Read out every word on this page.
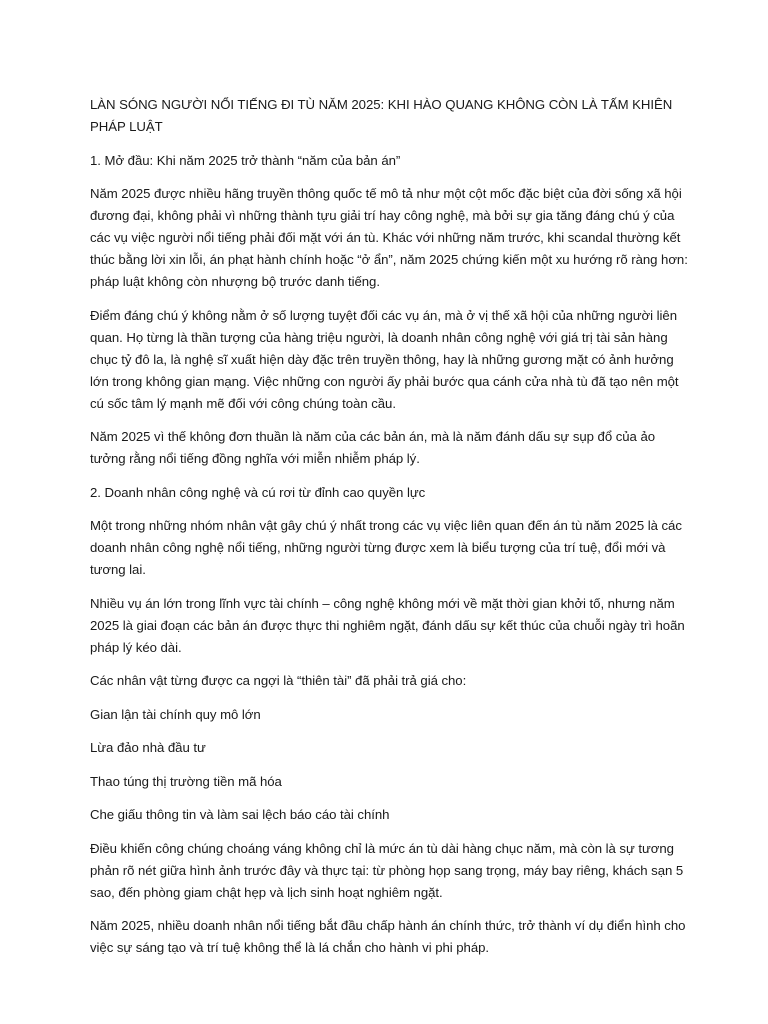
LÀN SÓNG NGƯỜI NỔI TIẾNG ĐI TÙ NĂM 2025: KHI HÀO QUANG KHÔNG CÒN LÀ TẤM KHIÊN PHÁP LUẬT

1. Mở đầu: Khi năm 2025 trở thành “năm của bản án”

Năm 2025 được nhiều hãng truyền thông quốc tế mô tả như một cột mốc đặc biệt của đời sống xã hội đương đại, không phải vì những thành tựu giải trí hay công nghệ, mà bởi sự gia tăng đáng chú ý của các vụ việc người nổi tiếng phải đối mặt với án tù. Khác với những năm trước, khi scandal thường kết thúc bằng lời xin lỗi, án phạt hành chính hoặc “ở ẩn”, năm 2025 chứng kiến một xu hướng rõ ràng hơn: pháp luật không còn nhượng bộ trước danh tiếng.

Điểm đáng chú ý không nằm ở số lượng tuyệt đối các vụ án, mà ở vị thế xã hội của những người liên quan. Họ từng là thần tượng của hàng triệu người, là doanh nhân công nghệ với giá trị tài sản hàng chục tỷ đô la, là nghệ sĩ xuất hiện dày đặc trên truyền thông, hay là những gương mặt có ảnh hưởng lớn trong không gian mạng. Việc những con người ấy phải bước qua cánh cửa nhà tù đã tạo nên một cú sốc tâm lý mạnh mẽ đối với công chúng toàn cầu.

Năm 2025 vì thế không đơn thuần là năm của các bản án, mà là năm đánh dấu sự sụp đổ của ảo tưởng rằng nổi tiếng đồng nghĩa với miễn nhiễm pháp lý.

2. Doanh nhân công nghệ và cú rơi từ đỉnh cao quyền lực

Một trong những nhóm nhân vật gây chú ý nhất trong các vụ việc liên quan đến án tù năm 2025 là các doanh nhân công nghệ nổi tiếng, những người từng được xem là biểu tượng của trí tuệ, đổi mới và tương lai.

Nhiều vụ án lớn trong lĩnh vực tài chính – công nghệ không mới về mặt thời gian khởi tố, nhưng năm 2025 là giai đoạn các bản án được thực thi nghiêm ngặt, đánh dấu sự kết thúc của chuỗi ngày trì hoãn pháp lý kéo dài.

Các nhân vật từng được ca ngợi là “thiên tài” đã phải trả giá cho:

Gian lận tài chính quy mô lớn

Lừa đảo nhà đầu tư

Thao túng thị trường tiền mã hóa

Che giấu thông tin và làm sai lệch báo cáo tài chính

Điều khiến công chúng choáng váng không chỉ là mức án tù dài hàng chục năm, mà còn là sự tương phản rõ nét giữa hình ảnh trước đây và thực tại: từ phòng họp sang trọng, máy bay riêng, khách sạn 5 sao, đến phòng giam chật hẹp và lịch sinh hoạt nghiêm ngặt.

Năm 2025, nhiều doanh nhân nổi tiếng bắt đầu chấp hành án chính thức, trở thành ví dụ điển hình cho việc sự sáng tạo và trí tuệ không thể là lá chắn cho hành vi phi pháp.
